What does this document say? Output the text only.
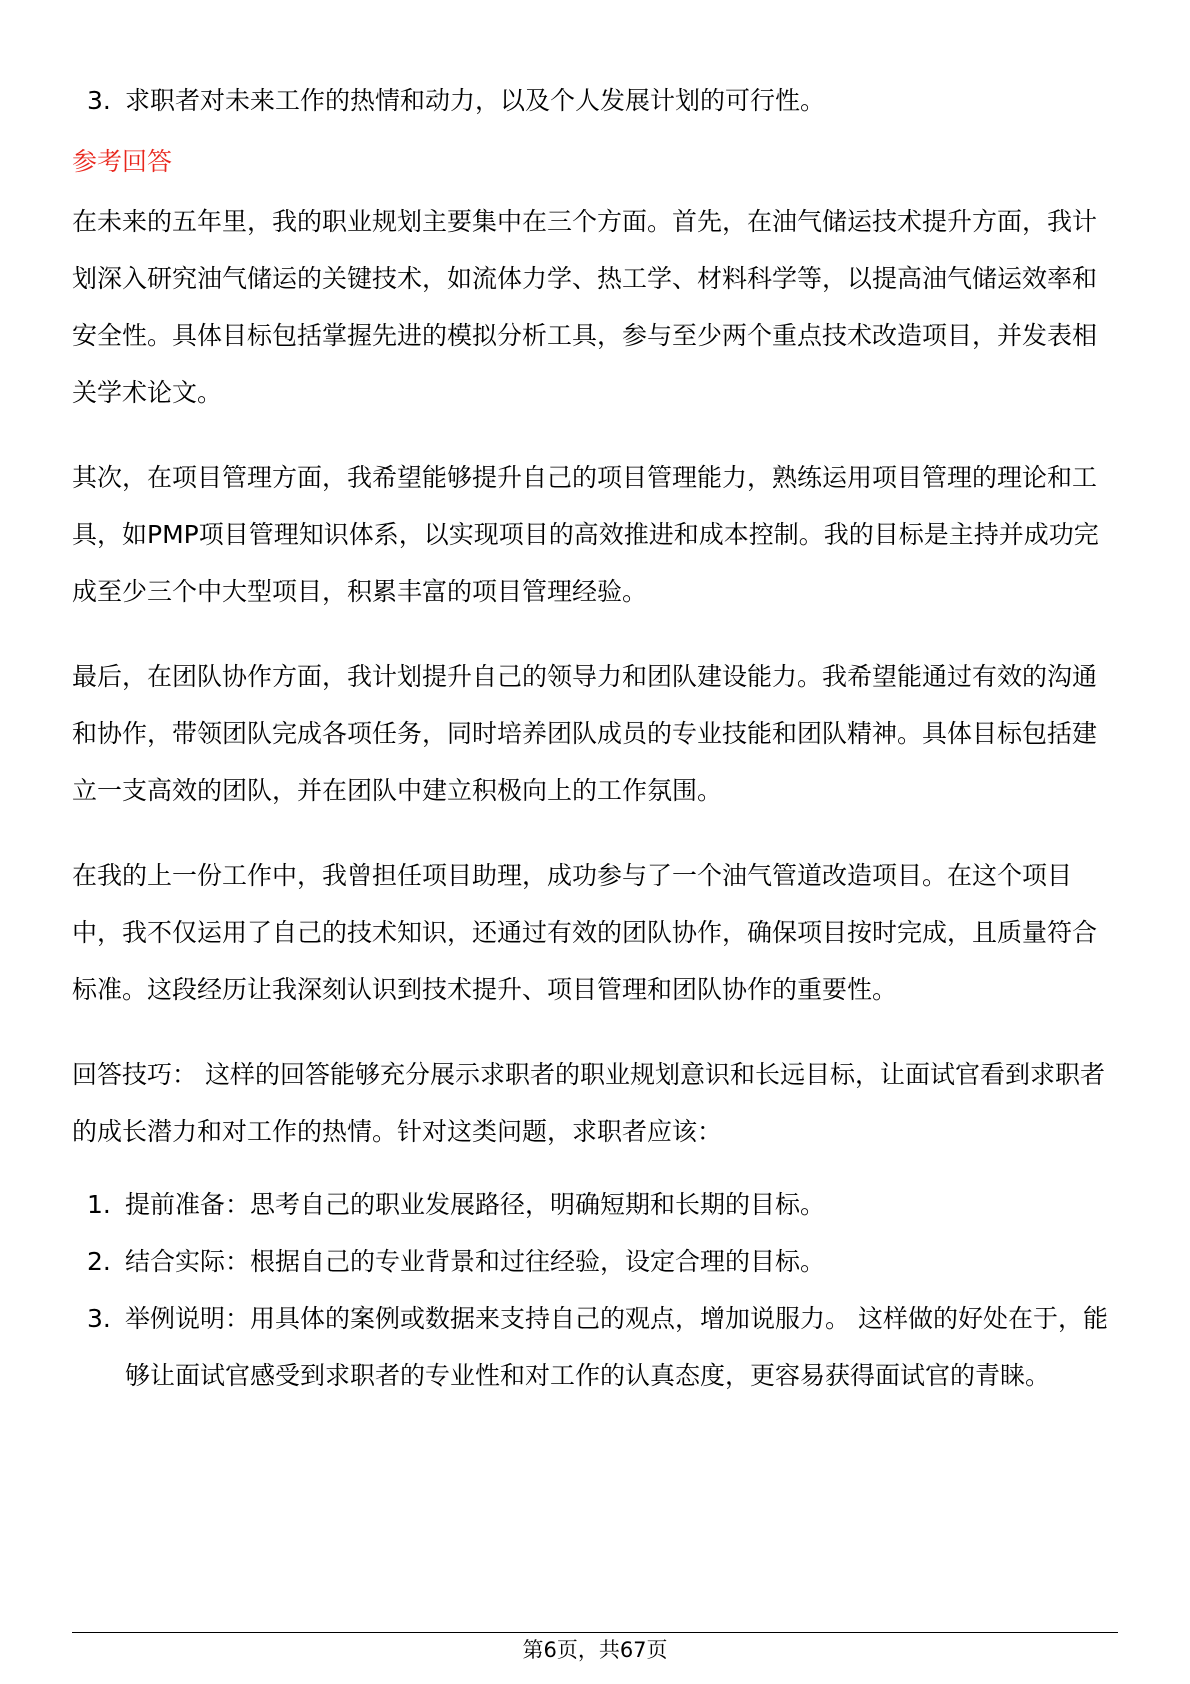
3. 求职者对未来工作的热情和动力，以及个人发展计划的可行性。
参考回答

在未来的五年里，我的职业规划主要集中在三个方面。首先，在油气储运技术提升方面，我计划深入研究油气储运的关键技术，如流体力学、热工学、材料科学等，以提高油气储运效率和安全性。具体目标包括掌握先进的模拟分析工具，参与至少两个重点技术改造项目，并发表相关学术论文。

其次，在项目管理方面，我希望能够提升自己的项目管理能力，熟练运用项目管理的理论和工具，如PMP项目管理知识体系，以实现项目的高效推进和成本控制。我的目标是主持并成功完成至少三个中大型项目，积累丰富的项目管理经验。

最后，在团队协作方面，我计划提升自己的领导力和团队建设能力。我希望能通过有效的沟通和协作，带领团队完成各项任务，同时培养团队成员的专业技能和团队精神。具体目标包括建立一支高效的团队，并在团队中建立积极向上的工作氛围。

在我的上一份工作中，我曾担任项目助理，成功参与了一个油气管道改造项目。在这个项目中，我不仅运用了自己的技术知识，还通过有效的团队协作，确保项目按时完成，且质量符合标准。这段经历让我深刻认识到技术提升、项目管理和团队协作的重要性。

回答技巧： 这样的回答能够充分展示求职者的职业规划意识和长远目标，让面试官看到求职者的成长潜力和对工作的热情。针对这类问题，求职者应该：

1. 提前准备：思考自己的职业发展路径，明确短期和长期的目标。
2. 结合实际：根据自己的专业背景和过往经验，设定合理的目标。
3. 举例说明：用具体的案例或数据来支持自己的观点，增加说服力。 这样做的好处在于，能够让面试官感受到求职者的专业性和对工作的认真态度，更容易获得面试官的青睐。
第6页，共67页
